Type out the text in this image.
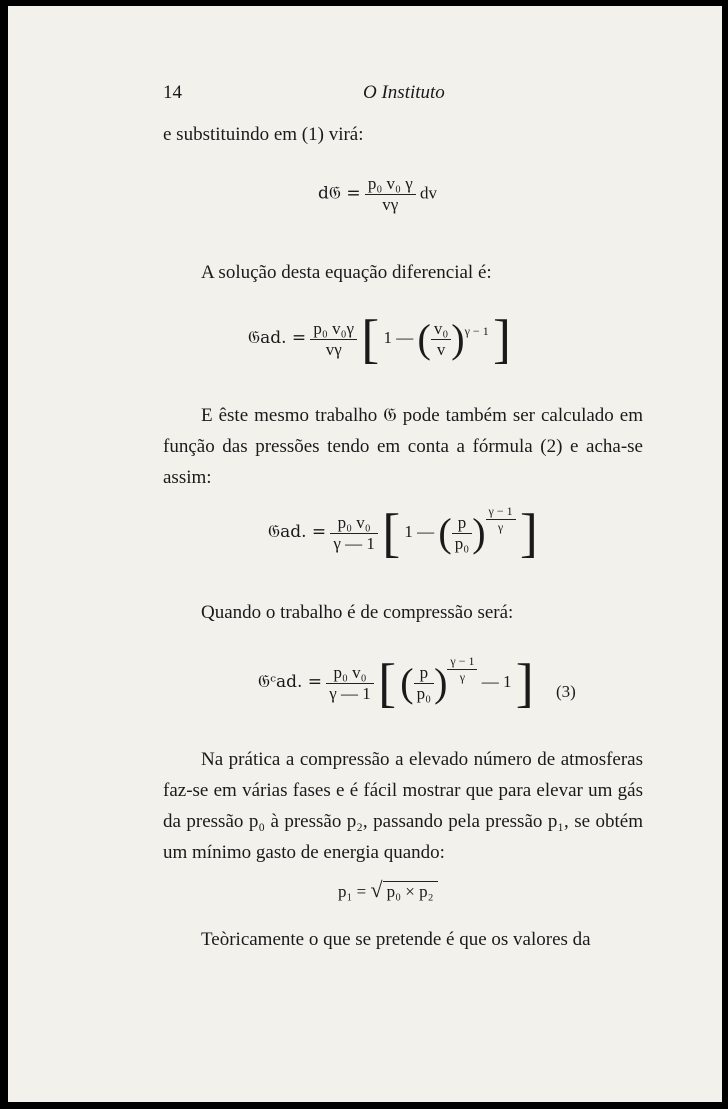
14	O Instituto
e substituindo em (1) virá:
d𝔊 = $\frac{\text{p₀ v₀ γ}}{v\gamma}$ dv
A solução desta equação diferencial é:
𝔊ad. = $\frac{\text{p₀ v₀γ}}{v\gamma}$ [ 1 — ( $\frac{\text{v₀}}{v} )^{\gamma - 1}$ ]
E êste mesmo trabalho 𝔊 pode também ser calculado em função das pressões tendo em conta a fórmula (2) e acha-se assim:
𝔊ad. = $\frac{\text{p₀ v₀}}{\gamma — 1}$ [ 1 — ( $\frac{p}{\text{p₀}}$ ) $\frac{\gamma - 1}{\gamma}$ ]
Quando o trabalho é de compressão será:
𝔊ᶜad. = $\frac{\text{p₀ v₀}}{\gamma — 1}$ [ ( $\frac{p}{\text{p₀}}$ ) $\frac{\gamma - 1}{\gamma}$ — 1 ] (3)
Na prática a compressão a elevado número de atmosferas faz-se em várias fases e é fácil mostrar que para elevar um gás da pressão p₀ à pressão p₂, passando pela pressão p₁, se obtém um mínimo gasto de energia quando:
p₁ = √ p₀ × p₂
Teòricamente o que se pretende é que os valores da
